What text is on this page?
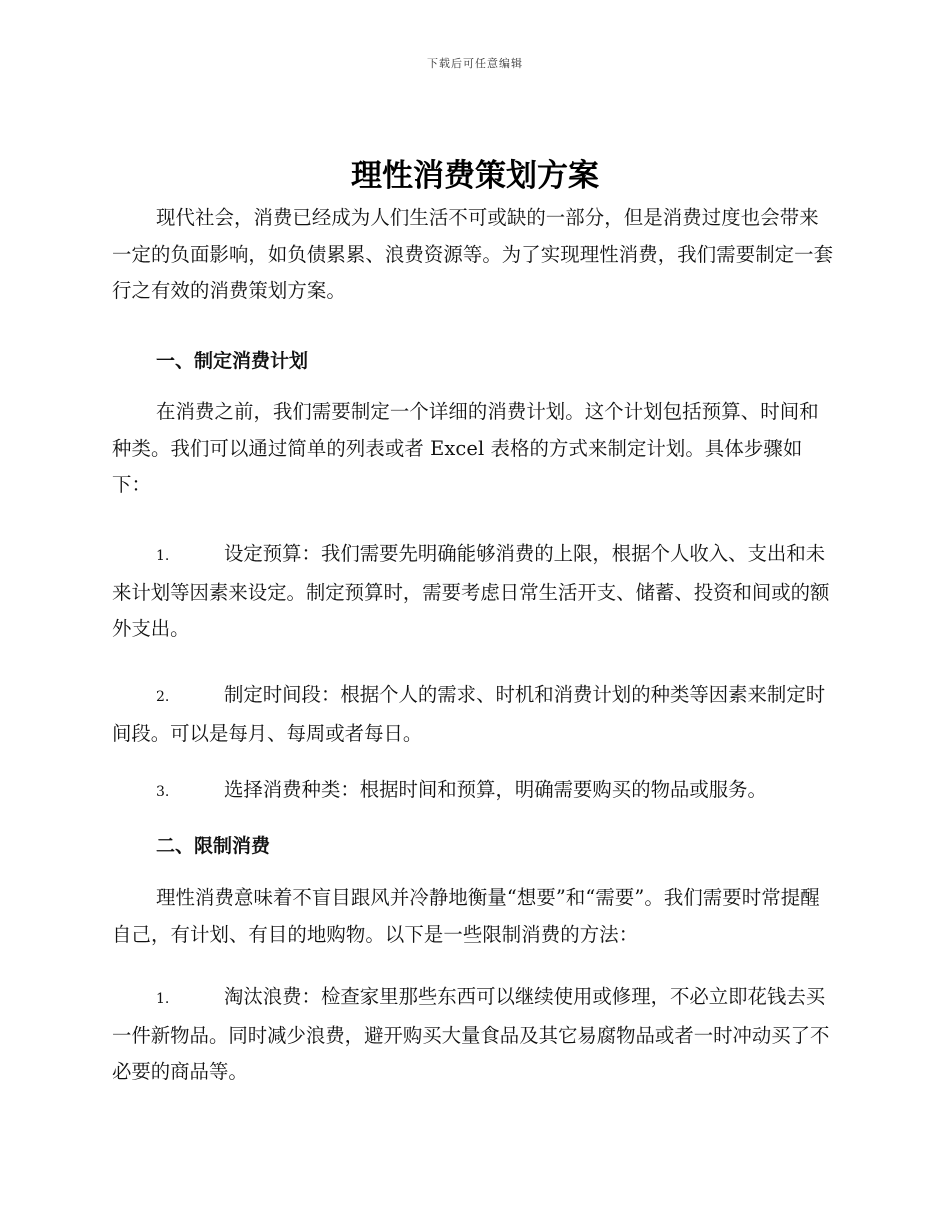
下载后可任意编辑
理性消费策划方案

现代社会，消费已经成为人们生活不可或缺的一部分，但是消费过度也会带来一定的负面影响，如负债累累、浪费资源等。为了实现理性消费，我们需要制定一套行之有效的消费策划方案。

一、制定消费计划

在消费之前，我们需要制定一个详细的消费计划。这个计划包括预算、时间和种类。我们可以通过简单的列表或者 Excel 表格的方式来制定计划。具体步骤如下：

1.	设定预算：我们需要先明确能够消费的上限，根据个人收入、支出和未来计划等因素来设定。制定预算时，需要考虑日常生活开支、储蓄、投资和间或的额外支出。

2.	制定时间段：根据个人的需求、时机和消费计划的种类等因素来制定时间段。可以是每月、每周或者每日。

3.	选择消费种类：根据时间和预算，明确需要购买的物品或服务。

二、限制消费

理性消费意味着不盲目跟风并冷静地衡量“想要”和“需要”。我们需要时常提醒自己，有计划、有目的地购物。以下是一些限制消费的方法：

1.	淘汰浪费：检查家里那些东西可以继续使用或修理，不必立即花钱去买一件新物品。同时减少浪费，避开购买大量食品及其它易腐物品或者一时冲动买了不必要的商品等。
